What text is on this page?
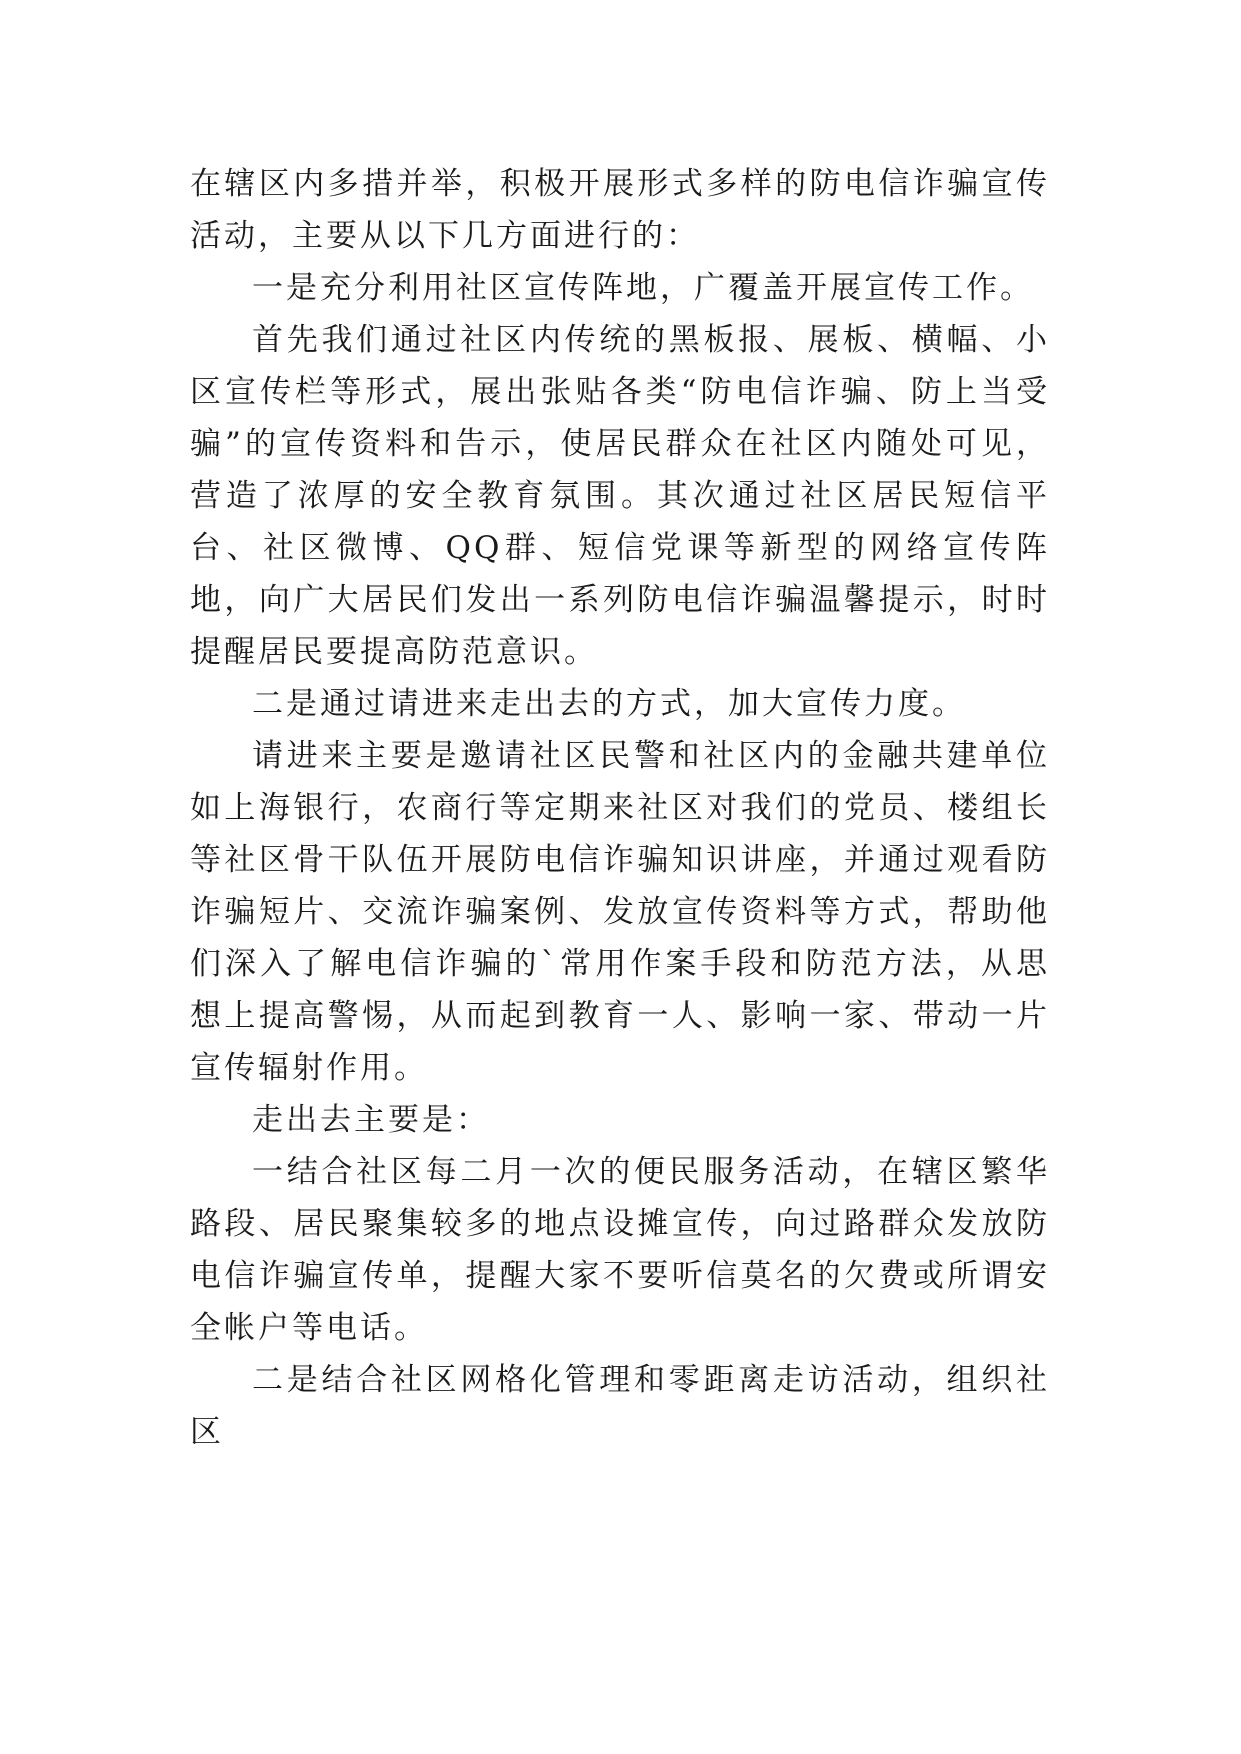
在辖区内多措并举，积极开展形式多样的防电信诈骗宣传活动，主要从以下几方面进行的：

一是充分利用社区宣传阵地，广覆盖开展宣传工作。

首先我们通过社区内传统的黑板报、展板、横幅、小区宣传栏等形式，展出张贴各类“防电信诈骗、防上当受骗”的宣传资料和告示，使居民群众在社区内随处可见，营造了浓厚的安全教育氛围。其次通过社区居民短信平台、社区微博、QQ群、短信党课等新型的网络宣传阵地，向广大居民们发出一系列防电信诈骗温馨提示，时时提醒居民要提高防范意识。

二是通过请进来走出去的方式，加大宣传力度。

请进来主要是邀请社区民警和社区内的金融共建单位如上海银行，农商行等定期来社区对我们的党员、楼组长等社区骨干队伍开展防电信诈骗知识讲座，并通过观看防诈骗短片、交流诈骗案例、发放宣传资料等方式，帮助他们深入了解电信诈骗的`常用作案手段和防范方法，从思想上提高警惕，从而起到教育一人、影响一家、带动一片宣传辐射作用。

走出去主要是：

一结合社区每二月一次的便民服务活动，在辖区繁华路段、居民聚集较多的地点设摊宣传，向过路群众发放防电信诈骗宣传单，提醒大家不要听信莫名的欠费或所谓安全帐户等电话。

二是结合社区网格化管理和零距离走访活动，组织社区
